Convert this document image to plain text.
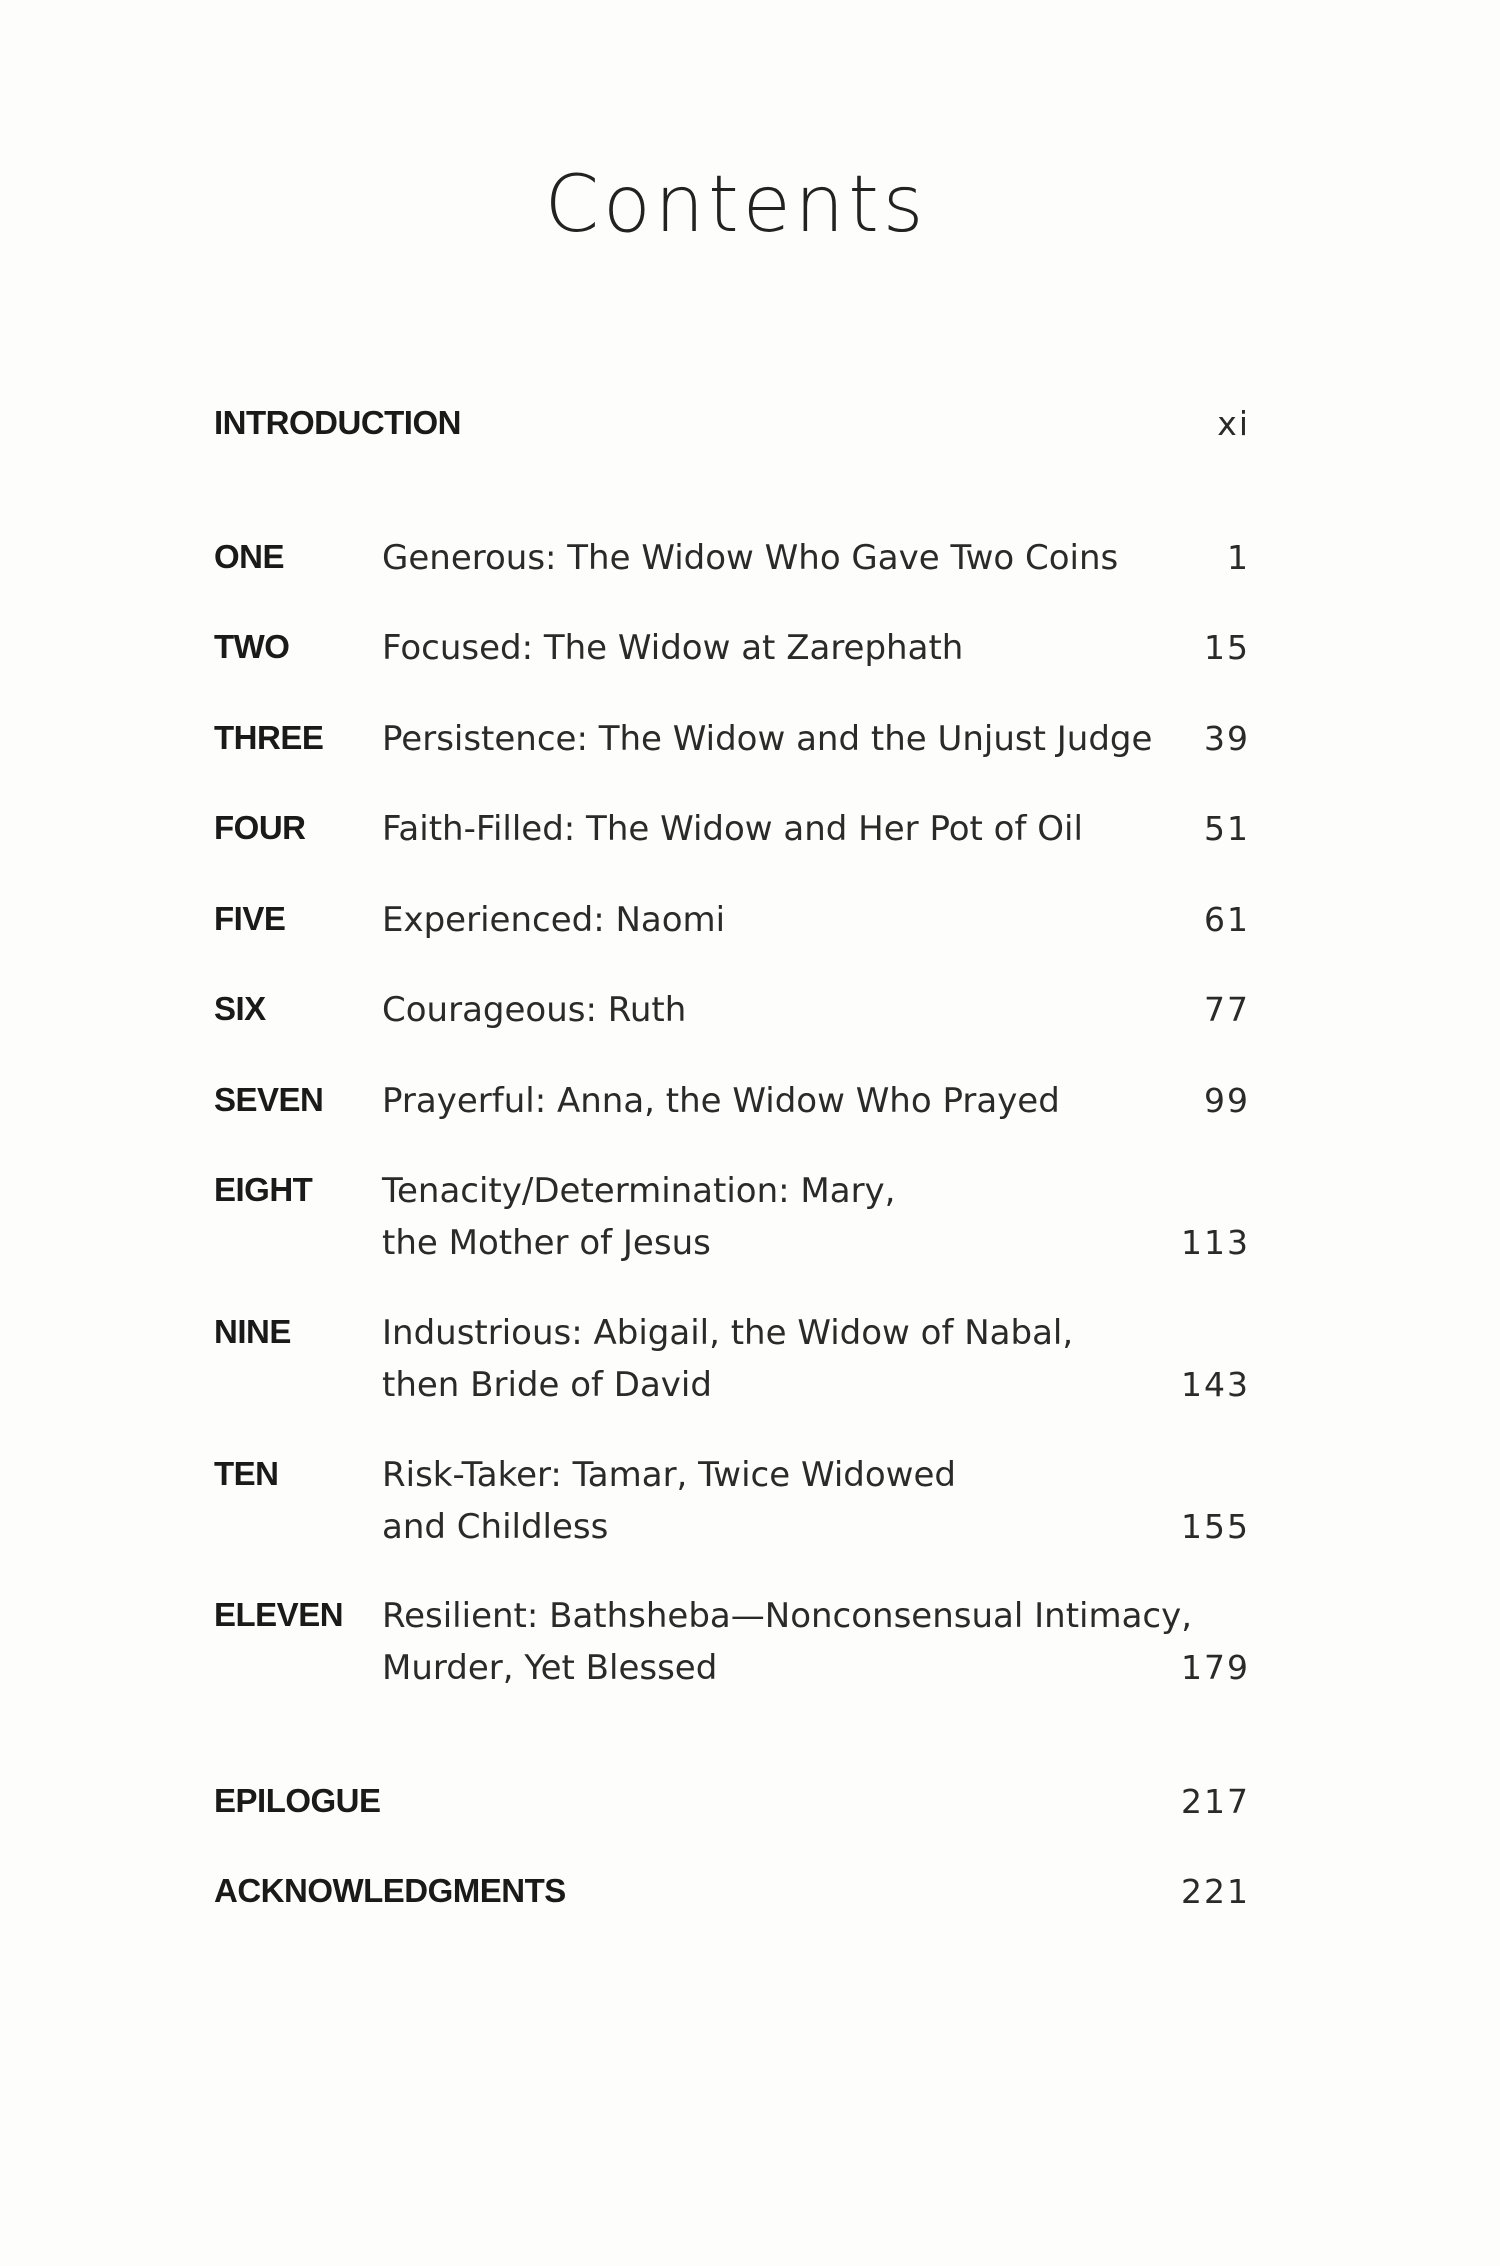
Contents
INTRODUCTION	xi
ONE	Generous: The Widow Who Gave Two Coins	1
TWO	Focused: The Widow at Zarephath	15
THREE Persistence: The Widow and the Unjust Judge	39
FOUR Faith-Filled: The Widow and Her Pot of Oil	51
FIVE	Experienced: Naomi	61
SIX	Courageous: Ruth	77
SEVEN Prayerful: Anna, the Widow Who Prayed	99
EIGHT Tenacity/Determination: Mary,
the Mother of Jesus	113
NINE	Industrious: Abigail, the Widow of Nabal,
then Bride of David	143
TEN	Risk-Taker: Tamar, Twice Widowed
and Childless	155
ELEVEN Resilient: Bathsheba—Nonconsensual Intimacy,
Murder, Yet Blessed	179
EPILOGUE	217
ACKNOWLEDGMENTS	221
